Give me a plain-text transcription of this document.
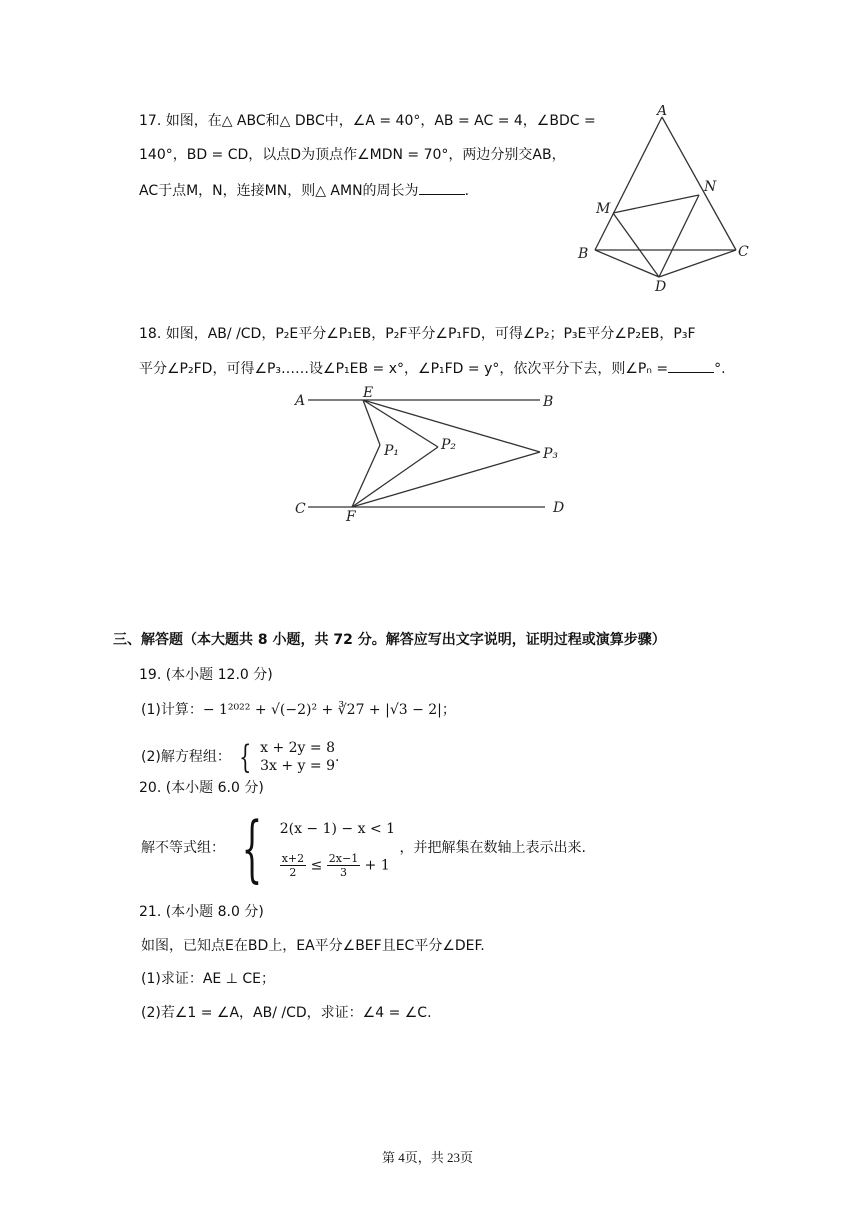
17. 如图，在△ ABC和△ DBC中，∠A = 40°，AB = AC = 4，∠BDC =
140°，BD = CD，以点D为顶点作∠MDN = 70°，两边分别交AB，
AC于点M，N，连接MN，则△ AMN的周长为	.
A
M
N
B	C
D
18. 如图，AB/ /CD，P₂E平分∠P₁EB，P₂F平分∠P₁FD，可得∠P₂；P₃E平分∠P₂EB，P₃F
平分∠P₂FD，可得∠P₃……设∠P₁EB = x°，∠P₁FD = y°，依次平分下去，则∠Pₙ =	°.
A	E
B
P₁	P₂
P₃
C	F
D
三、解答题（本大题共 8 小题，共 72 分。解答应写出文字说明，证明过程或演算步骤）
19. (本小题 12.0 分)
(1)计算：− 1²⁰²² + √(−2)² + ∛27 + |√3 − 2|；
(2)解方程组： { x + 2y = 8
3x + y = 9
.
20. (本小题 6.0 分)
解不等式组： { 2(x − 1) − x < 1
$\frac{x+2}{2} \le \frac{2x-1}{3} + 1$
，并把解集在数轴上表示出来.
21. (本小题 8.0 分)
如图，已知点E在BD上，EA平分∠BEF且EC平分∠DEF.
(1)求证：AE ⊥ CE；
(2)若∠1 = ∠A，AB/ /CD，求证：∠4 = ∠C.
第 4页，共 23页
